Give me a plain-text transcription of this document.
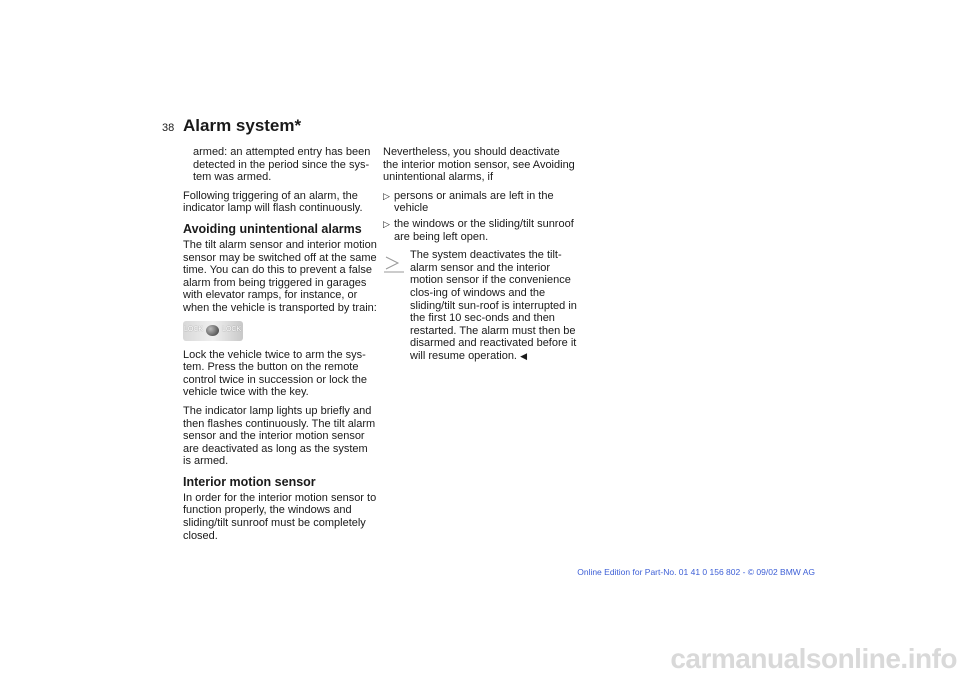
38 Alarm system*

armed: an attempted entry has been detected in the period since the sys-tem was armed.

Following triggering of an alarm, the indicator lamp will flash continuously.

Avoiding unintentional alarms

The tilt alarm sensor and interior motion sensor may be switched off at the same time. You can do this to prevent a false alarm from being triggered in garages with elevator ramps, for instance, or when the vehicle is transported by train:

LOCK	LOCK

Lock the vehicle twice to arm the sys-tem. Press the button on the remote control twice in succession or lock the vehicle twice with the key.

The indicator lamp lights up briefly and then flashes continuously. The tilt alarm sensor and the interior motion sensor are deactivated as long as the system is armed.

Interior motion sensor

In order for the interior motion sensor to function properly, the windows and sliding/tilt sunroof must be completely closed.

Nevertheless, you should deactivate the interior motion sensor, see Avoiding unintentional alarms, if

▷ persons or animals are left in the vehicle
▷ the windows or the sliding/tilt sunroof are being left open.
The system deactivates the tilt-alarm sensor and the interior motion sensor if the convenience clos-ing of windows and the sliding/tilt sun-roof is interrupted in the first 10 sec-onds and then restarted. The alarm must then be disarmed and reactivated before it will resume operation. ◀
Online Edition for Part-No. 01 41 0 156 802 - © 09/02 BMW AG
carmanualsonline.info
